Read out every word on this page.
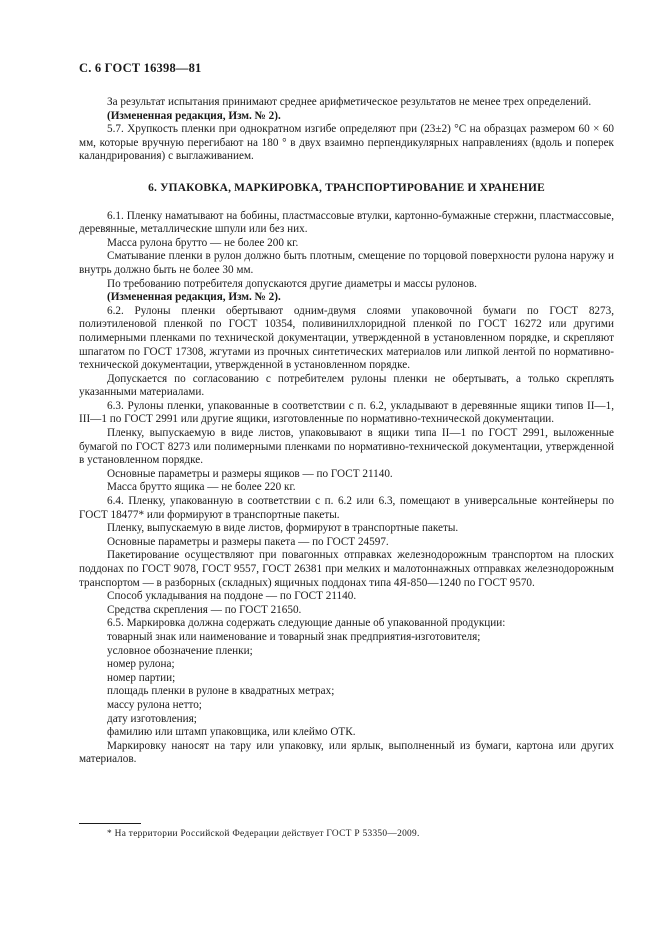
С. 6 ГОСТ 16398—81

За результат испытания принимают среднее арифметическое результатов не менее трех определений.

(Измененная редакция, Изм. № 2).

5.7. Хрупкость пленки при однократном изгибе определяют при (23±2) °С на образцах размером 60 × 60 мм, которые вручную перегибают на 180 ° в двух взаимно перпендикулярных направлениях (вдоль и поперек каландрирования) с выглаживанием.

6. УПАКОВКА, МАРКИРОВКА, ТРАНСПОРТИРОВАНИЕ И ХРАНЕНИЕ

6.1. Пленку наматывают на бобины, пластмассовые втулки, картонно-бумажные стержни, пластмассовые, деревянные, металлические шпули или без них.

Масса рулона брутто — не более 200 кг.

Сматывание пленки в рулон должно быть плотным, смещение по торцовой поверхности рулона наружу и внутрь должно быть не более 30 мм.

По требованию потребителя допускаются другие диаметры и массы рулонов.

(Измененная редакция, Изм. № 2).

6.2. Рулоны пленки обертывают одним-двумя слоями упаковочной бумаги по ГОСТ 8273, полиэтиленовой пленкой по ГОСТ 10354, поливинилхлоридной пленкой по ГОСТ 16272 или другими полимерными пленками по технической документации, утвержденной в установленном порядке, и скрепляют шпагатом по ГОСТ 17308, жгутами из прочных синтетических материалов или липкой лентой по нормативно-технической документации, утвержденной в установленном порядке.

Допускается по согласованию с потребителем рулоны пленки не обертывать, а только скреплять указанными материалами.

6.3. Рулоны пленки, упакованные в соответствии с п. 6.2, укладывают в деревянные ящики типов II—1, III—1 по ГОСТ 2991 или другие ящики, изготовленные по нормативно-технической документации.

Пленку, выпускаемую в виде листов, упаковывают в ящики типа II—1 по ГОСТ 2991, выложенные бумагой по ГОСТ 8273 или полимерными пленками по нормативно-технической документации, утвержденной в установленном порядке.

Основные параметры и размеры ящиков — по ГОСТ 21140.

Масса брутто ящика — не более 220 кг.

6.4. Пленку, упакованную в соответствии с п. 6.2 или 6.3, помещают в универсальные контейнеры по ГОСТ 18477* или формируют в транспортные пакеты.

Пленку, выпускаемую в виде листов, формируют в транспортные пакеты.

Основные параметры и размеры пакета — по ГОСТ 24597.

Пакетирование осуществляют при повагонных отправках железнодорожным транспортом на плоских поддонах по ГОСТ 9078, ГОСТ 9557, ГОСТ 26381 при мелких и малотоннажных отправках железнодорожным транспортом — в разборных (складных) ящичных поддонах типа 4Я-850—1240 по ГОСТ 9570.

Способ укладывания на поддоне — по ГОСТ 21140.

Средства скрепления — по ГОСТ 21650.

6.5. Маркировка должна содержать следующие данные об упакованной продукции:

товарный знак или наименование и товарный знак предприятия-изготовителя;

условное обозначение пленки;

номер рулона;

номер партии;

площадь пленки в рулоне в квадратных метрах;

массу рулона нетто;

дату изготовления;

фамилию или штамп упаковщика, или клеймо ОТК.

Маркировку наносят на тару или упаковку, или ярлык, выполненный из бумаги, картона или других материалов.

* На территории Российской Федерации действует ГОСТ Р 53350—2009.
